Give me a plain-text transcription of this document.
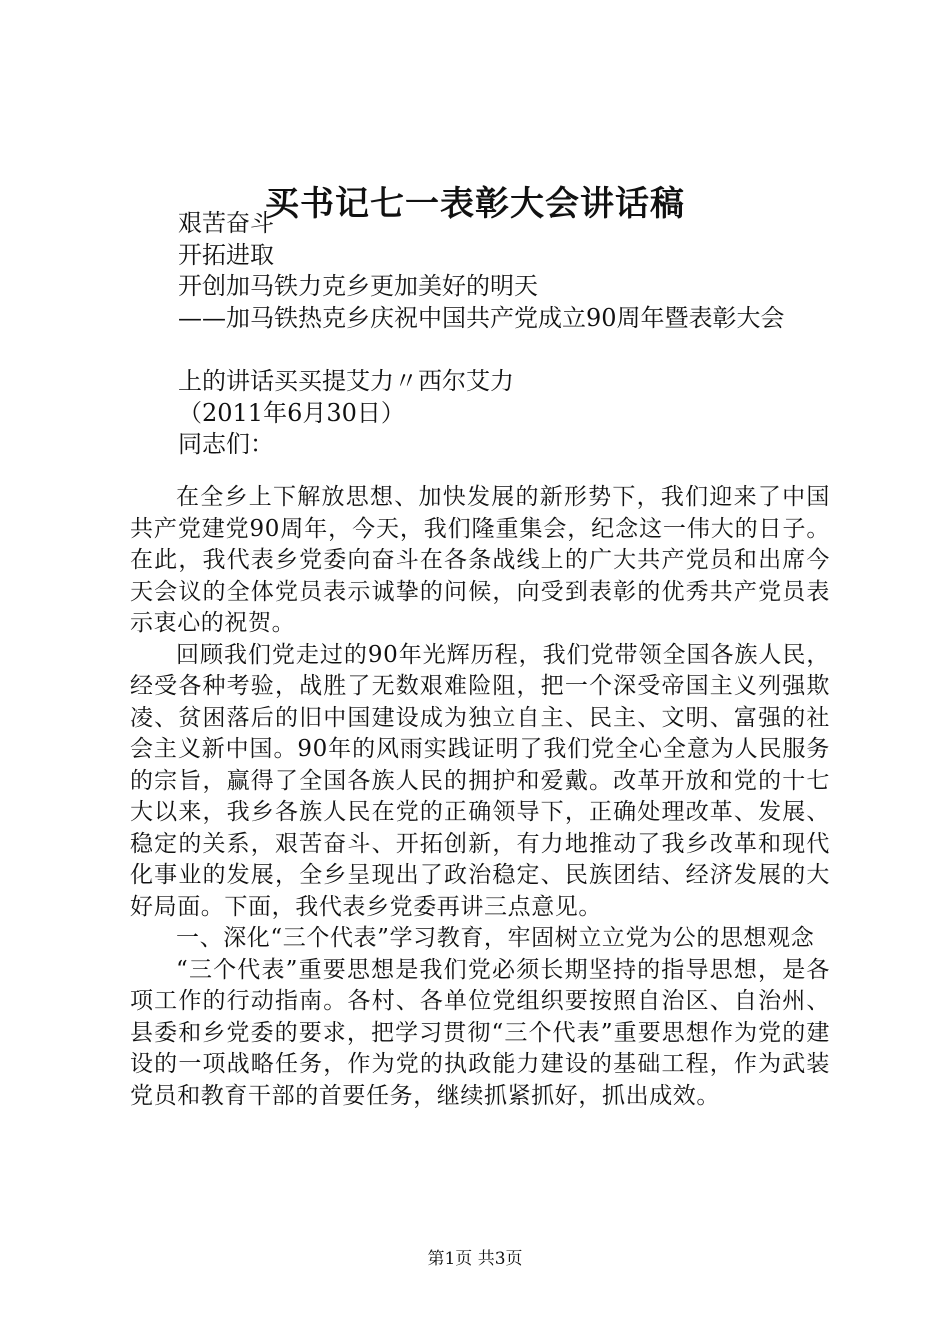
买书记七一表彰大会讲话稿
艰苦奋斗
开拓进取
开创加马铁力克乡更加美好的明天
——加马铁热克乡庆祝中国共产党成立90周年暨表彰大会
上的讲话买买提艾力〃西尔艾力
（2011年6月30日）
同志们：

在全乡上下解放思想、加快发展的新形势下，我们迎来了中国共产党建党90周年，今天，我们隆重集会，纪念这一伟大的日子。在此，我代表乡党委向奋斗在各条战线上的广大共产党员和出席今天会议的全体党员表示诚挚的问候，向受到表彰的优秀共产党员表示衷心的祝贺。

回顾我们党走过的90年光辉历程，我们党带领全国各族人民，经受各种考验，战胜了无数艰难险阻，把一个深受帝国主义列强欺凌、贫困落后的旧中国建设成为独立自主、民主、文明、富强的社会主义新中国。90年的风雨实践证明了我们党全心全意为人民服务的宗旨，赢得了全国各族人民的拥护和爱戴。改革开放和党的十七大以来，我乡各族人民在党的正确领导下，正确处理改革、发展、稳定的关系，艰苦奋斗、开拓创新，有力地推动了我乡改革和现代化事业的发展，全乡呈现出了政治稳定、民族团结、经济发展的大好局面。下面，我代表乡党委再讲三点意见。

一、深化“三个代表”学习教育，牢固树立立党为公的思想观念

“三个代表”重要思想是我们党必须长期坚持的指导思想，是各项工作的行动指南。各村、各单位党组织要按照自治区、自治州、县委和乡党委的要求，把学习贯彻“三个代表”重要思想作为党的建设的一项战略任务，作为党的执政能力建设的基础工程，作为武装党员和教育干部的首要任务，继续抓紧抓好，抓出成效。

第1页 共3页
